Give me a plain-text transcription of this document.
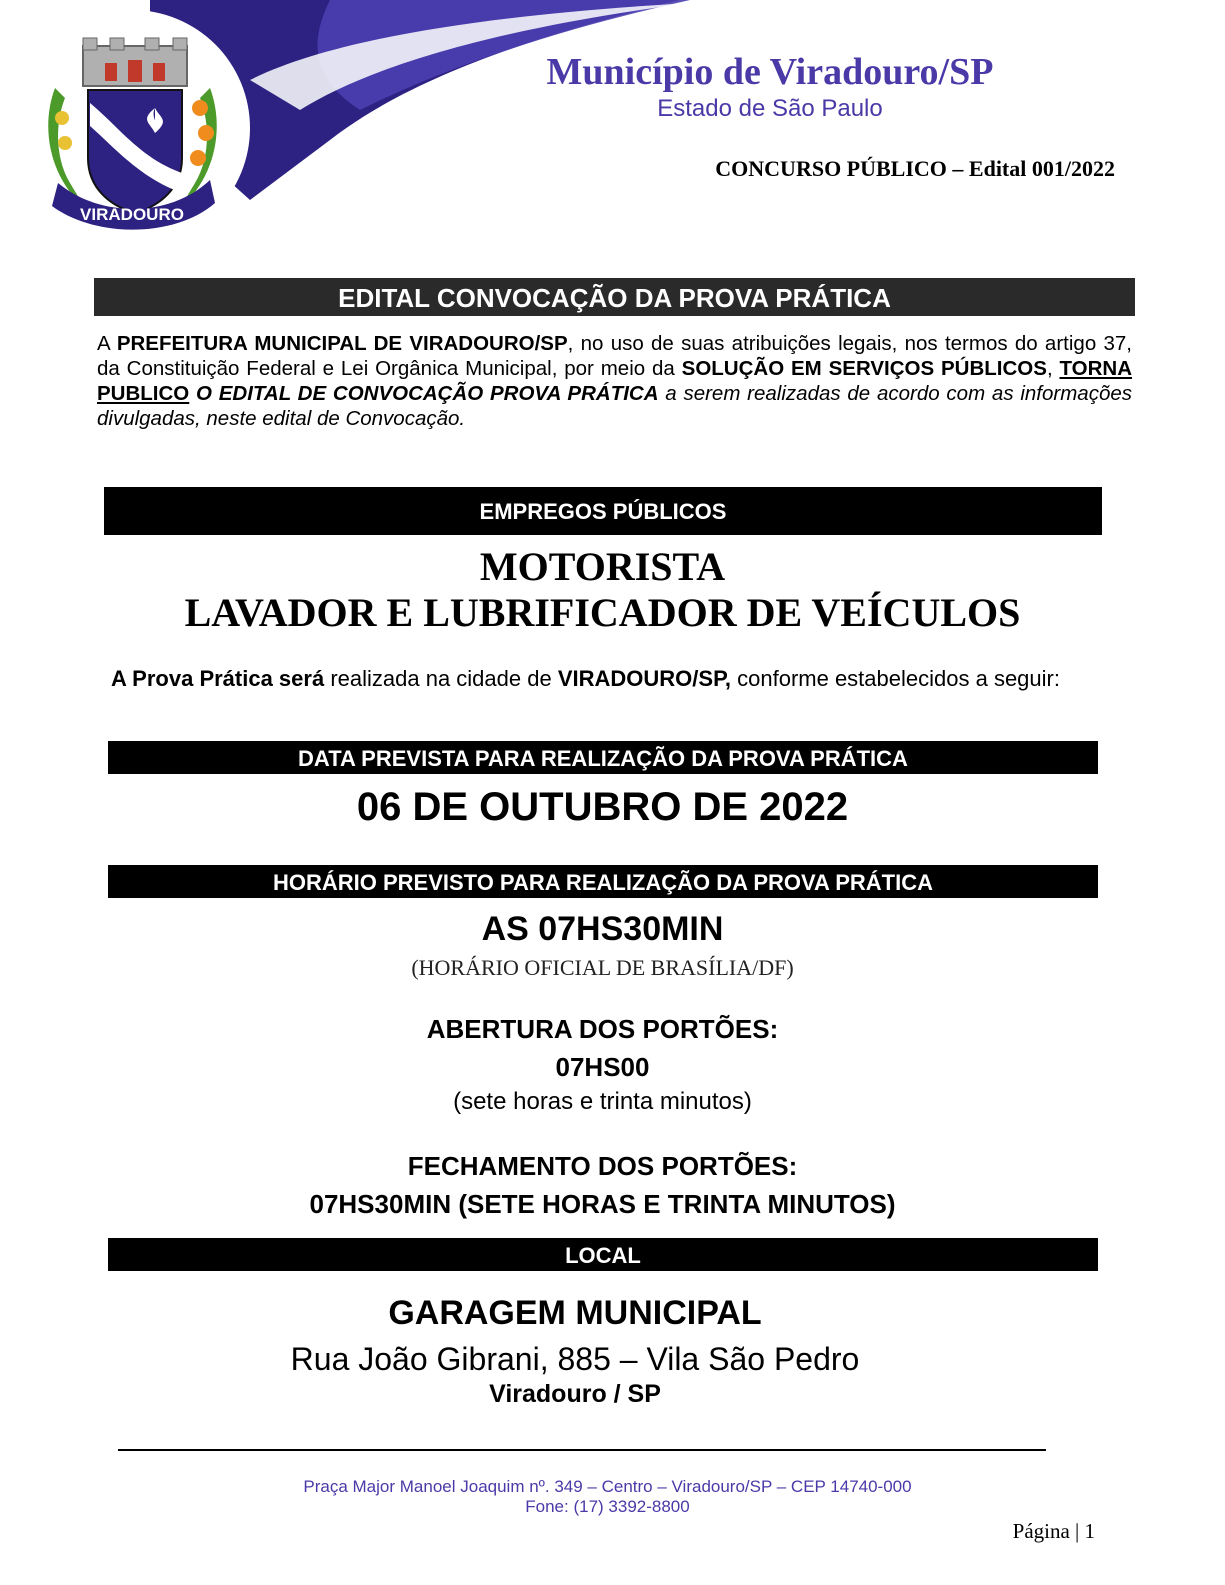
VIRADOURO
Município de Viradouro/SP
Estado de São Paulo
CONCURSO PÚBLICO – Edital 001/2022
EDITAL CONVOCAÇÃO DA PROVA PRÁTICA
A PREFEITURA MUNICIPAL DE VIRADOURO/SP, no uso de suas atribuições legais, nos termos do artigo 37, da Constituição Federal e Lei Orgânica Municipal, por meio da SOLUÇÃO EM SERVIÇOS PÚBLICOS, TORNA PUBLICO O EDITAL DE CONVOCAÇÃO PROVA PRÁTICA a serem realizadas de acordo com as informações divulgadas, neste edital de Convocação.
EMPREGOS PÚBLICOS
MOTORISTA
LAVADOR E LUBRIFICADOR DE VEÍCULOS
A Prova Prática será realizada na cidade de VIRADOURO/SP, conforme estabelecidos a seguir:
DATA PREVISTA PARA REALIZAÇÃO DA PROVA PRÁTICA
06 DE OUTUBRO DE 2022
HORÁRIO PREVISTO PARA REALIZAÇÃO DA PROVA PRÁTICA
AS 07HS30MIN
(HORÁRIO OFICIAL DE BRASÍLIA/DF)
ABERTURA DOS PORTÕES:
07HS00
(sete horas e trinta minutos)
FECHAMENTO DOS PORTÕES:
07HS30MIN (SETE HORAS E TRINTA MINUTOS)
LOCAL
GARAGEM MUNICIPAL
Rua João Gibrani, 885 – Vila São Pedro
Viradouro / SP
Praça Major Manoel Joaquim nº. 349 – Centro – Viradouro/SP – CEP 14740-000
Fone: (17) 3392-8800
Página | 1
